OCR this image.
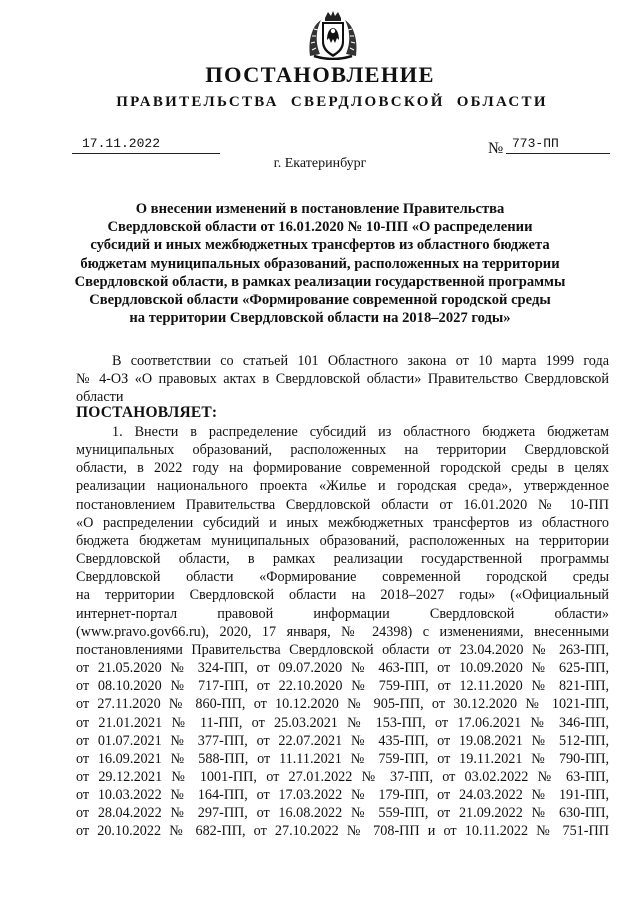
ПОСТАНОВЛЕНИЕ
ПРАВИТЕЛЬСТВА СВЕРДЛОВСКОЙ ОБЛАСТИ
17.11.2022	№ 773-ПП
г. Екатеринбург
О внесении изменений в постановление Правительства
Свердловской области от 16.01.2020 № 10-ПП «О распределении
субсидий и иных межбюджетных трансфертов из областного бюджета
бюджетам муниципальных образований, расположенных на территории
Свердловской области, в рамках реализации государственной программы
Свердловской области «Формирование современной городской среды
на территории Свердловской области на 2018–2027 годы»
В соответствии со статьей 101 Областного закона от 10 марта 1999 года
№ 4-ОЗ «О правовых актах в Свердловской области» Правительство Свердловской
области

ПОСТАНОВЛЯЕТ:

1. Внести в распределение субсидий из областного бюджета бюджетам
муниципальных образований, расположенных на территории Свердловской
области, в 2022 году на формирование современной городской среды в целях
реализации национального проекта «Жилье и городская среда», утвержденное
постановлением Правительства Свердловской области от 16.01.2020 № 10-ПП
«О распределении субсидий и иных межбюджетных трансфертов из областного
бюджета бюджетам муниципальных образований, расположенных на территории
Свердловской области, в рамках реализации государственной программы
Свердловской области «Формирование современной городской среды
на территории Свердловской области на 2018–2027 годы» («Официальный
интернет-портал правовой информации Свердловской области»
(www.pravo.gov66.ru), 2020, 17 января, № 24398) с изменениями, внесенными
постановлениями Правительства Свердловской области от 23.04.2020 № 263-ПП,
от 21.05.2020 № 324-ПП, от 09.07.2020 № 463-ПП, от 10.09.2020 № 625-ПП,
от 08.10.2020 № 717-ПП, от 22.10.2020 № 759-ПП, от 12.11.2020 № 821-ПП,
от 27.11.2020 № 860-ПП, от 10.12.2020 № 905-ПП, от 30.12.2020 № 1021-ПП,
от 21.01.2021 № 11-ПП, от 25.03.2021 № 153-ПП, от 17.06.2021 № 346-ПП,
от 01.07.2021 № 377-ПП, от 22.07.2021 № 435-ПП, от 19.08.2021 № 512-ПП,
от 16.09.2021 № 588-ПП, от 11.11.2021 № 759-ПП, от 19.11.2021 № 790-ПП,
от 29.12.2021 № 1001-ПП, от 27.01.2022 № 37-ПП, от 03.02.2022 № 63-ПП,
от 10.03.2022 № 164-ПП, от 17.03.2022 № 179-ПП, от 24.03.2022 № 191-ПП,
от 28.04.2022 № 297-ПП, от 16.08.2022 № 559-ПП, от 21.09.2022 № 630-ПП,
от 20.10.2022 № 682-ПП, от 27.10.2022 № 708-ПП и от 10.11.2022 № 751-ПП
